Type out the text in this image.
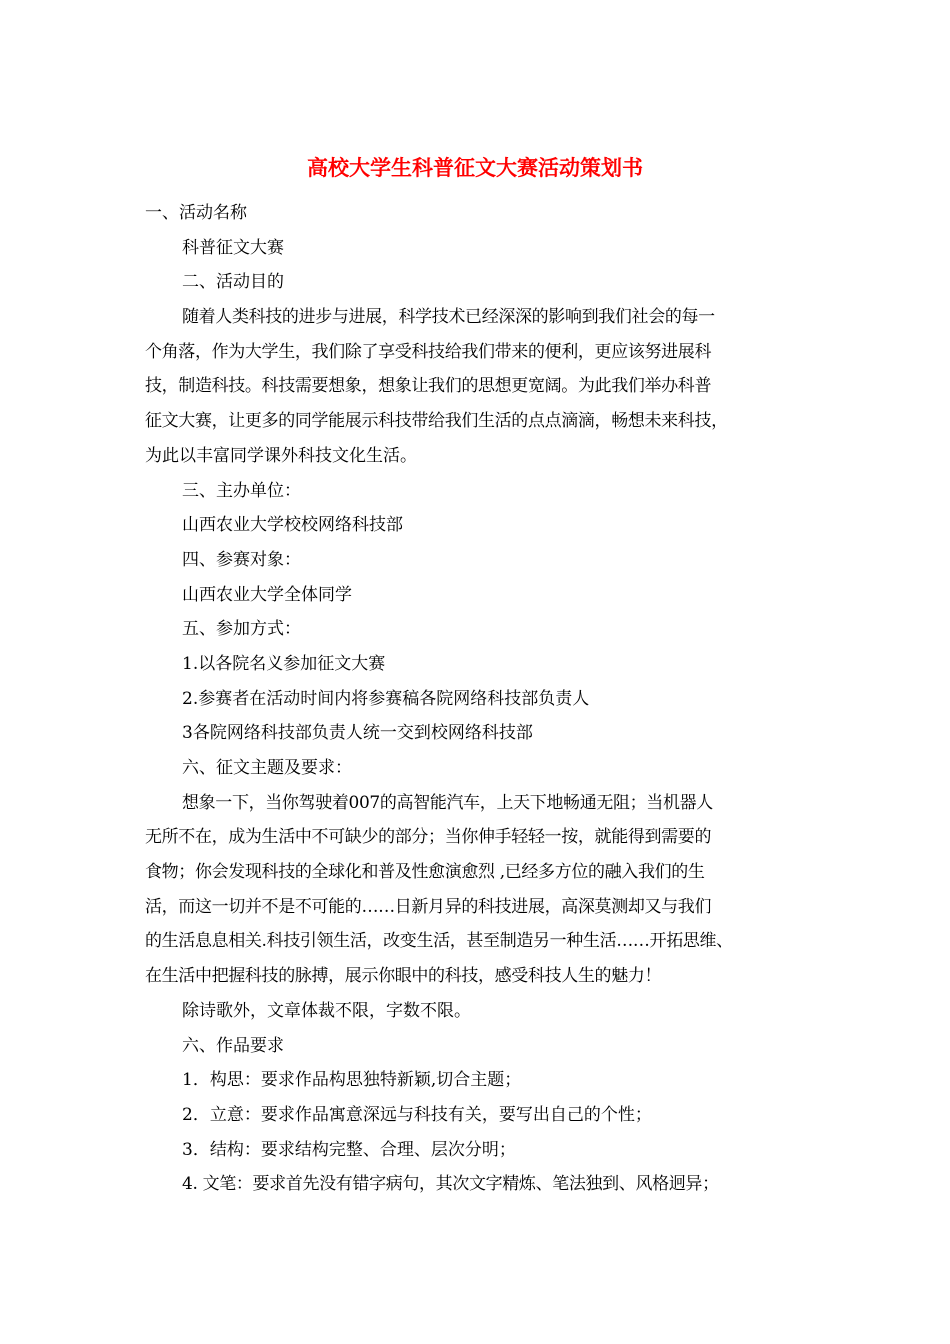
高校大学生科普征文大赛活动策划书
一、活动名称
科普征文大赛
二、活动目的
随着人类科技的进步与进展，科学技术已经深深的影响到我们社会的每一
个角落，作为大学生，我们除了享受科技给我们带来的便利，更应该努进展科
技，制造科技。科技需要想象，想象让我们的思想更宽阔。为此我们举办科普
征文大赛，让更多的同学能展示科技带给我们生活的点点滴滴，畅想未来科技，
为此以丰富同学课外科技文化生活。
三、主办单位：
山西农业大学校校网络科技部
四、参赛对象：
山西农业大学全体同学
五、参加方式：
1.以各院名义参加征文大赛
2.参赛者在活动时间内将参赛稿各院网络科技部负责人
3各院网络科技部负责人统一交到校网络科技部
六、征文主题及要求：
想象一下，当你驾驶着007的高智能汽车，上天下地畅通无阻；当机器人
无所不在，成为生活中不可缺少的部分；当你伸手轻轻一按，就能得到需要的
食物；你会发现科技的全球化和普及性愈演愈烈 ,已经多方位的融入我们的生
活，而这一切并不是不可能的……日新月异的科技进展，高深莫测却又与我们
的生活息息相关.科技引领生活，改变生活，甚至制造另一种生活……开拓思维、
在生活中把握科技的脉搏，展示你眼中的科技，感受科技人生的魅力！
除诗歌外，文章体裁不限，字数不限。
六、作品要求
1．构思：要求作品构思独特新颖,切合主题；
2．立意：要求作品寓意深远与科技有关，要写出自己的个性；
3．结构：要求结构完整、合理、层次分明；
4. 文笔：要求首先没有错字病句，其次文字精炼、笔法独到、风格迥异；
